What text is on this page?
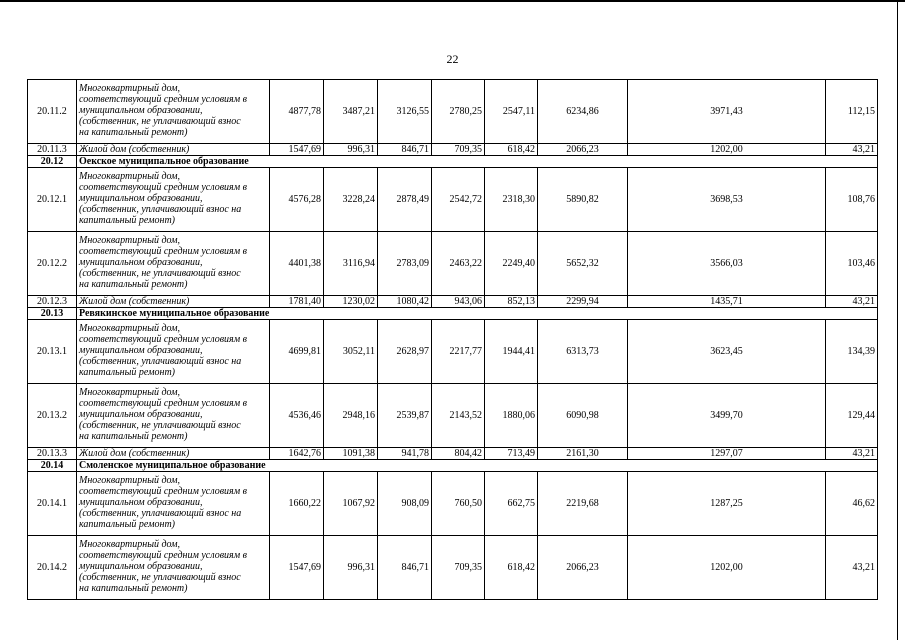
22
20.11.2	Многоквартирный дом,
соответствующий средним условиям в
муниципальном образовании,
(собственник, не уплачивающий взнос
на капитальный ремонт)	4877,78	3487,21	3126,55	2780,25	2547,11	6234,86	3971,43	112,15
20.11.3	Жилой дом (собственник)	1547,69	996,31	846,71	709,35	618,42	2066,23	1202,00	43,21
20.12	Оекское муниципальное образование								
20.12.1	Многоквартирный дом,
соответствующий средним условиям в
муниципальном образовании,
(собственник, уплачивающий взнос на
капитальный ремонт)	4576,28	3228,24	2878,49	2542,72	2318,30	5890,82	3698,53	108,76
20.12.2	Многоквартирный дом,
соответствующий средним условиям в
муниципальном образовании,
(собственник, не уплачивающий взнос
на капитальный ремонт)	4401,38	3116,94	2783,09	2463,22	2249,40	5652,32	3566,03	103,46
20.12.3	Жилой дом (собственник)	1781,40	1230,02	1080,42	943,06	852,13	2299,94	1435,71	43,21
20.13	Ревякинское муниципальное образование								
20.13.1	Многоквартирный дом,
соответствующий средним условиям в
муниципальном образовании,
(собственник, уплачивающий взнос на
капитальный ремонт)	4699,81	3052,11	2628,97	2217,77	1944,41	6313,73	3623,45	134,39
20.13.2	Многоквартирный дом,
соответствующий средним условиям в
муниципальном образовании,
(собственник, не уплачивающий взнос
на капитальный ремонт)	4536,46	2948,16	2539,87	2143,52	1880,06	6090,98	3499,70	129,44
20.13.3	Жилой дом (собственник)	1642,76	1091,38	941,78	804,42	713,49	2161,30	1297,07	43,21
20.14	Смоленское муниципальное образование								
20.14.1	Многоквартирный дом,
соответствующий средним условиям в
муниципальном образовании,
(собственник, уплачивающий взнос на
капитальный ремонт)	1660,22	1067,92	908,09	760,50	662,75	2219,68	1287,25	46,62
20.14.2	Многоквартирный дом,
соответствующий средним условиям в
муниципальном образовании,
(собственник, не уплачивающий взнос
на капитальный ремонт)	1547,69	996,31	846,71	709,35	618,42	2066,23	1202,00	43,21
